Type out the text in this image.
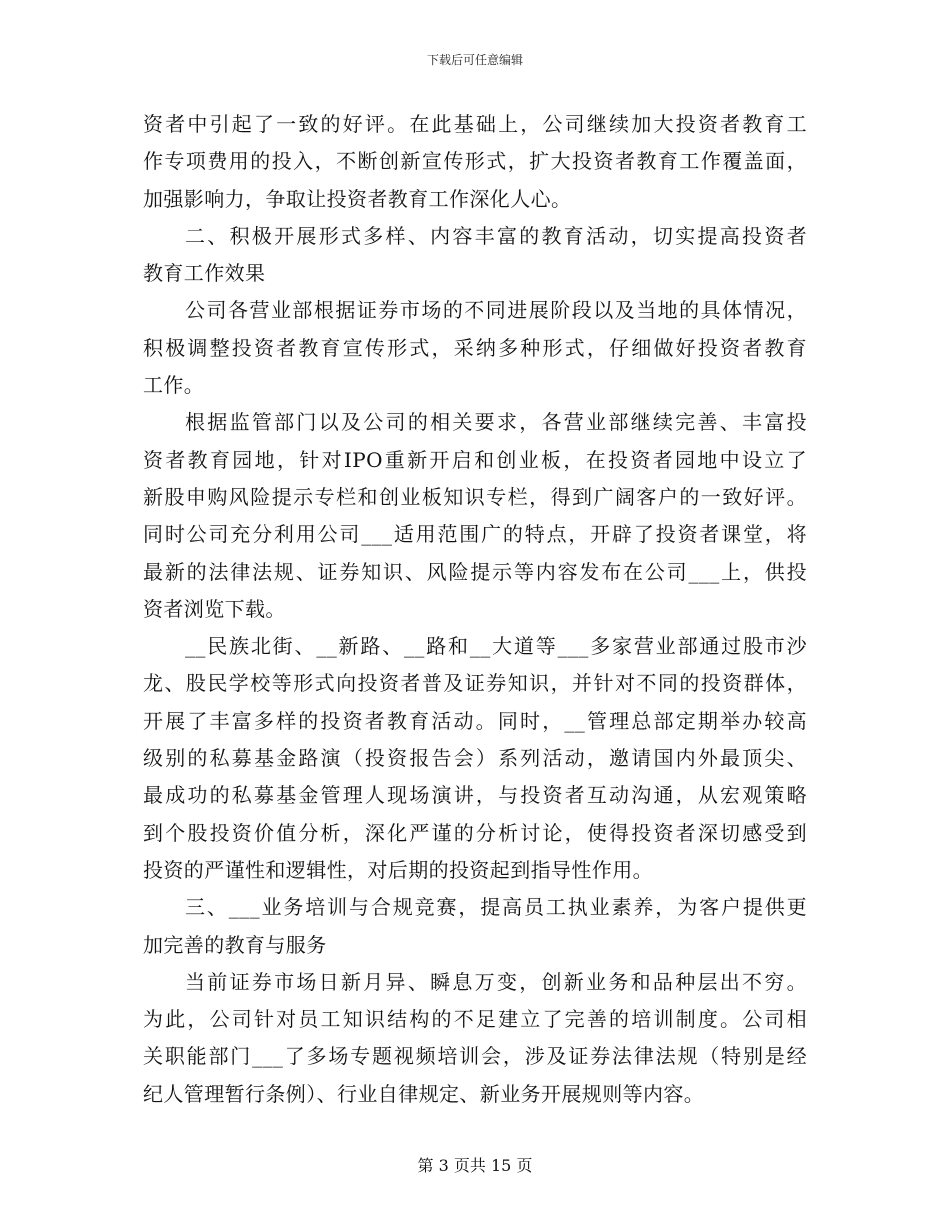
下载后可任意编辑
资者中引起了一致的好评。在此基础上，公司继续加大投资者教育工
作专项费用的投入，不断创新宣传形式，扩大投资者教育工作覆盖面，
加强影响力，争取让投资者教育工作深化人心。
二、积极开展形式多样、内容丰富的教育活动，切实提高投资者
教育工作效果
公司各营业部根据证券市场的不同进展阶段以及当地的具体情况，
积极调整投资者教育宣传形式，采纳多种形式，仔细做好投资者教育
工作。
根据监管部门以及公司的相关要求，各营业部继续完善、丰富投
资者教育园地，针对IPO重新开启和创业板，在投资者园地中设立了
新股申购风险提示专栏和创业板知识专栏，得到广阔客户的一致好评。
同时公司充分利用公司___适用范围广的特点，开辟了投资者课堂，将
最新的法律法规、证券知识、风险提示等内容发布在公司___上，供投
资者浏览下载。
__民族北街、__新路、__路和__大道等___多家营业部通过股市沙
龙、股民学校等形式向投资者普及证券知识，并针对不同的投资群体，
开展了丰富多样的投资者教育活动。同时，__管理总部定期举办较高
级别的私募基金路演（投资报告会）系列活动，邀请国内外最顶尖、
最成功的私募基金管理人现场演讲，与投资者互动沟通，从宏观策略
到个股投资价值分析，深化严谨的分析讨论，使得投资者深切感受到
投资的严谨性和逻辑性，对后期的投资起到指导性作用。
三、___业务培训与合规竞赛，提高员工执业素养，为客户提供更
加完善的教育与服务
当前证券市场日新月异、瞬息万变，创新业务和品种层出不穷。
为此，公司针对员工知识结构的不足建立了完善的培训制度。公司相
关职能部门___了多场专题视频培训会，涉及证券法律法规（特别是经
纪人管理暂行条例）、行业自律规定、新业务开展规则等内容。
第 3 页共 15 页
